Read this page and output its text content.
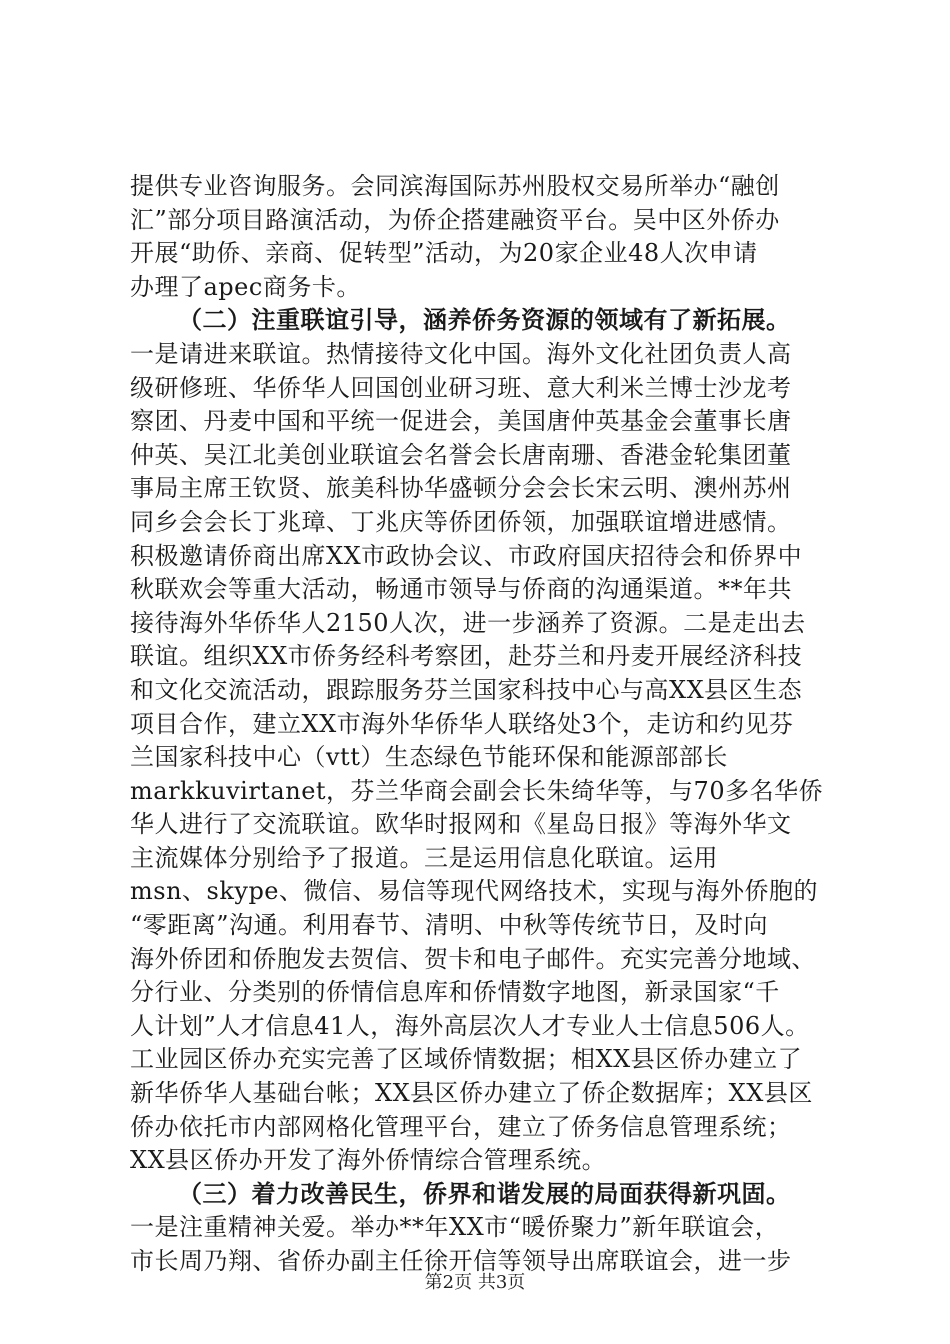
提供专业咨询服务。会同滨海国际苏州股权交易所举办“融创
汇”部分项目路演活动，为侨企搭建融资平台。吴中区外侨办
开展“助侨、亲商、促转型”活动，为20家企业48人次申请
办理了apec商务卡。
（二）注重联谊引导，涵养侨务资源的领域有了新拓展。
一是请进来联谊。热情接待文化中国。海外文化社团负责人高
级研修班、华侨华人回国创业研习班、意大利米兰博士沙龙考
察团、丹麦中国和平统一促进会，美国唐仲英基金会董事长唐
仲英、吴江北美创业联谊会名誉会长唐南珊、香港金轮集团董
事局主席王钦贤、旅美科协华盛顿分会会长宋云明、澳州苏州
同乡会会长丁兆璋、丁兆庆等侨团侨领，加强联谊增进感情。
积极邀请侨商出席XX市政协会议、市政府国庆招待会和侨界中
秋联欢会等重大活动，畅通市领导与侨商的沟通渠道。**年共
接待海外华侨华人2150人次，进一步涵养了资源。二是走出去
联谊。组织XX市侨务经科考察团，赴芬兰和丹麦开展经济科技
和文化交流活动，跟踪服务芬兰国家科技中心与高XX县区生态
项目合作，建立XX市海外华侨华人联络处3个，走访和约见芬
兰国家科技中心（vtt）生态绿色节能环保和能源部部长
markkuvirtanet，芬兰华商会副会长朱绮华等，与70多名华侨
华人进行了交流联谊。欧华时报网和《星岛日报》等海外华文
主流媒体分别给予了报道。三是运用信息化联谊。运用
msn、skype、微信、易信等现代网络技术，实现与海外侨胞的
“零距离”沟通。利用春节、清明、中秋等传统节日，及时向
海外侨团和侨胞发去贺信、贺卡和电子邮件。充实完善分地域、
分行业、分类别的侨情信息库和侨情数字地图，新录国家“千
人计划”人才信息41人，海外高层次人才专业人士信息506人。
工业园区侨办充实完善了区域侨情数据；相XX县区侨办建立了
新华侨华人基础台帐；XX县区侨办建立了侨企数据库；XX县区
侨办依托市内部网格化管理平台，建立了侨务信息管理系统；
XX县区侨办开发了海外侨情综合管理系统。
（三）着力改善民生，侨界和谐发展的局面获得新巩固。
一是注重精神关爱。举办**年XX市“暖侨聚力”新年联谊会，
市长周乃翔、省侨办副主任徐开信等领导出席联谊会，进一步
第2页 共3页
